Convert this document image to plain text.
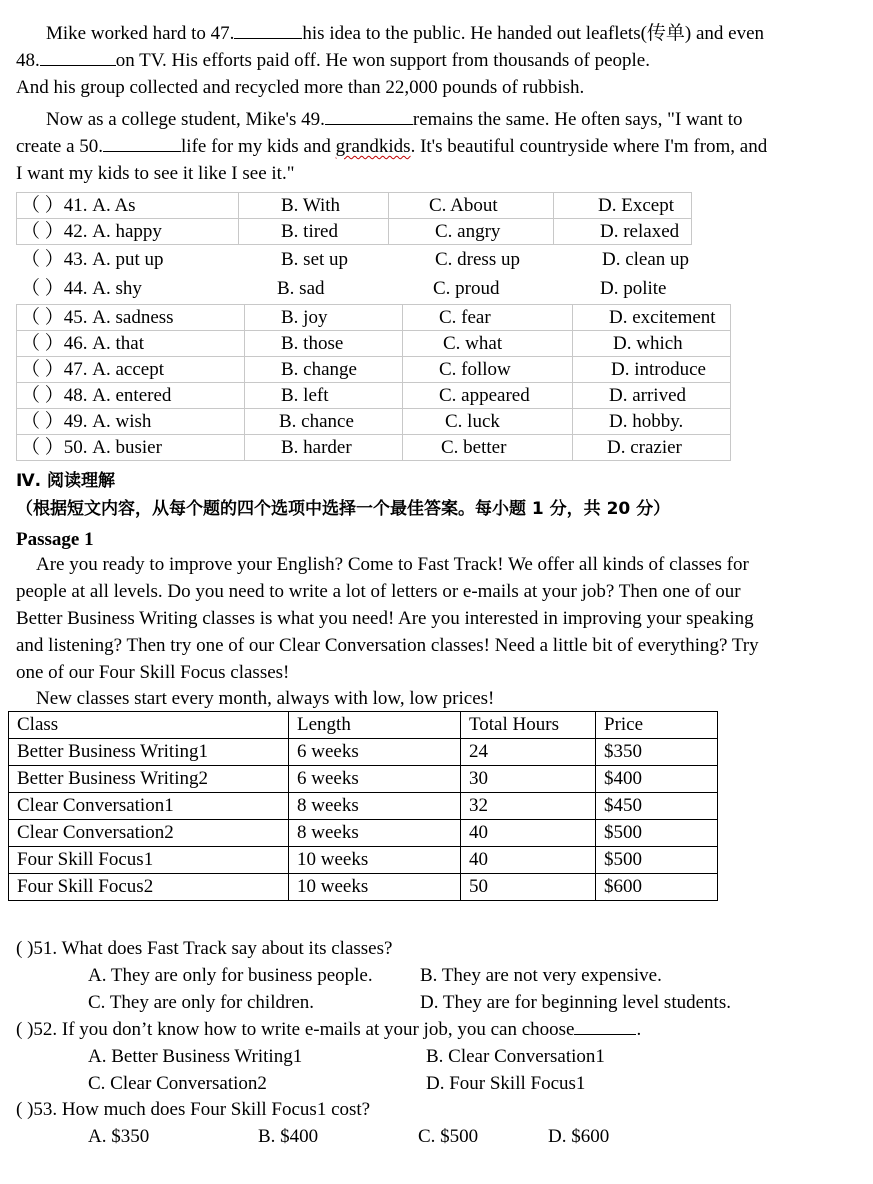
Mike worked hard to 47.	his idea to the public. He handed out leaflets(传单) and even
48.	on TV. His efforts paid off. He won support from thousands of people.
And his group collected and recycled more than 22,000 pounds of rubbish.
Now as a college student, Mike's 49.	remains the same. He often says, "I want to
create a 50.	life for my kids and grandkids. It's beautiful countryside where I'm from, and
I want my kids to see it like I see it."
（ ）41. A. As	B. With	C. About	D. Except
（ ）42. A. happy	B. tired	C. angry	D. relaxed
（ ）43. A. put up	B. set up	C. dress up	D. clean up
（ ）44. A. shy	B. sad	C. proud	D. polite
（ ）45. A. sadness	B. joy	C. fear	D. excitement
（ ）46. A. that	B. those	C. what	D. which
（ ）47. A. accept	B. change	C. follow	D. introduce
（ ）48. A. entered	B. left	C. appeared	D. arrived
（ ）49. A. wish	B. chance	C. luck	D. hobby.
（ ）50. A. busier	B. harder	C. better	D. crazier
Ⅳ. 阅读理解
（根据短文内容，从每个题的四个选项中选择一个最佳答案。每小题 1 分，共 20 分）
Passage 1
Are you ready to improve your English? Come to Fast Track! We offer all kinds of classes for
people at all levels. Do you need to write a lot of letters or e-mails at your job? Then one of our
Better Business Writing classes is what you need! Are you interested in improving your speaking
and listening? Then try one of our Clear Conversation classes! Need a little bit of everything? Try
one of our Four Skill Focus classes!
New classes start every month, always with low, low prices!
Class	Length	Total Hours	Price
Better Business Writing1	6 weeks	24	$350
Better Business Writing2	6 weeks	30	$400
Clear Conversation1	8 weeks	32	$450
Clear Conversation2	8 weeks	40	$500
Four Skill Focus1	10 weeks	40	$500
Four Skill Focus2	10 weeks	50	$600
( )51. What does Fast Track say about its classes?
A. They are only for business people. B. They are not very expensive.
C. They are only for children.	D. They are for beginning level students.
( )52. If you don’t know how to write e-mails at your job, you can choose	.
A. Better Business Writing1	B. Clear Conversation1
C. Clear Conversation2	D. Four Skill Focus1
( )53. How much does Four Skill Focus1 cost?
A. $350	B. $400	C. $500	D. $600
